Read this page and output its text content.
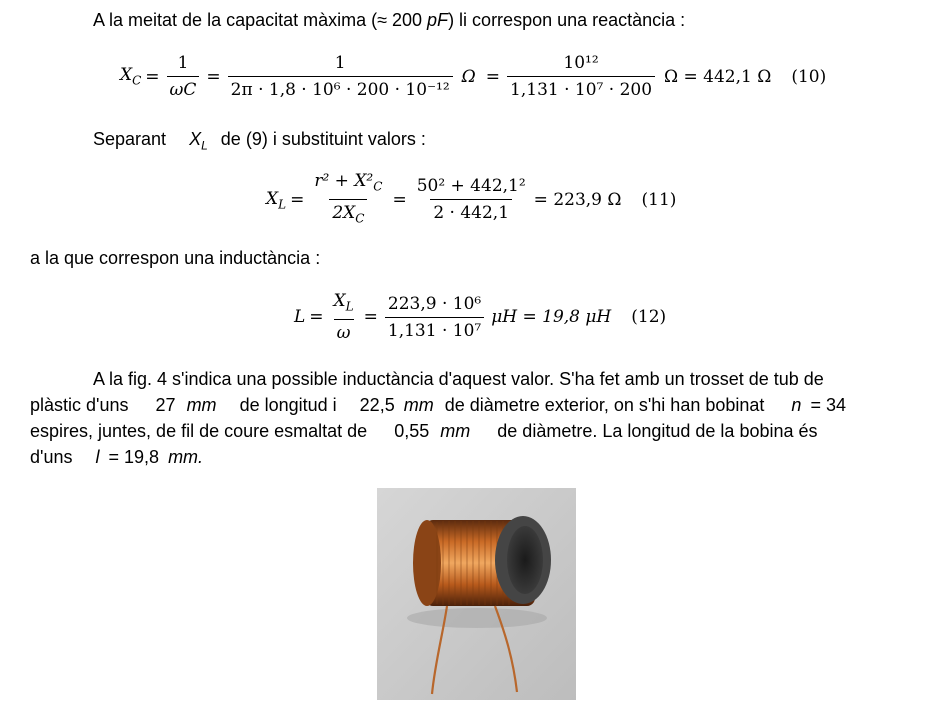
A la meitat de la capacitat màxima (≈ 200 pF) li correspon una reactància :
$X_C = \frac{1}{\omega C} = \frac{1}{\text{2π · 1,8 · 10⁶ · 200 · 10⁻¹²}}$ $\Omega = \frac{\text{10¹²}}{\text{1,131 · 10⁷ · 200}}$ Ω = 442,1 Ω (10)
Separant $X_L$ de (9) i substituint valors :
$X_L = \frac{r^2 + X^2_C}{2X_C} = \frac{\text{50² + 442,1²}}{2 \cdot 442,1} = 223,9$ Ω (11)
a la que correspon una inductància :
$L = \frac{X_L}{\omega} = \frac{\text{223,9 · 10⁶}}{\text{1,131 · 10⁷}}$ μH = 19,8 μH (12)
A la fig. 4 s'indica una possible inductància d'aquest valor. S'ha fet amb un trosset de tub de
plàstic d'uns 27 mm de longitud i 22,5 mm de diàmetre exterior, on s'hi han bobinat n = 34
espires, juntes, de fil de coure esmaltat de 0,55 mm de diàmetre. La longitud de la bobina és
d'uns l = 19,8 mm.
